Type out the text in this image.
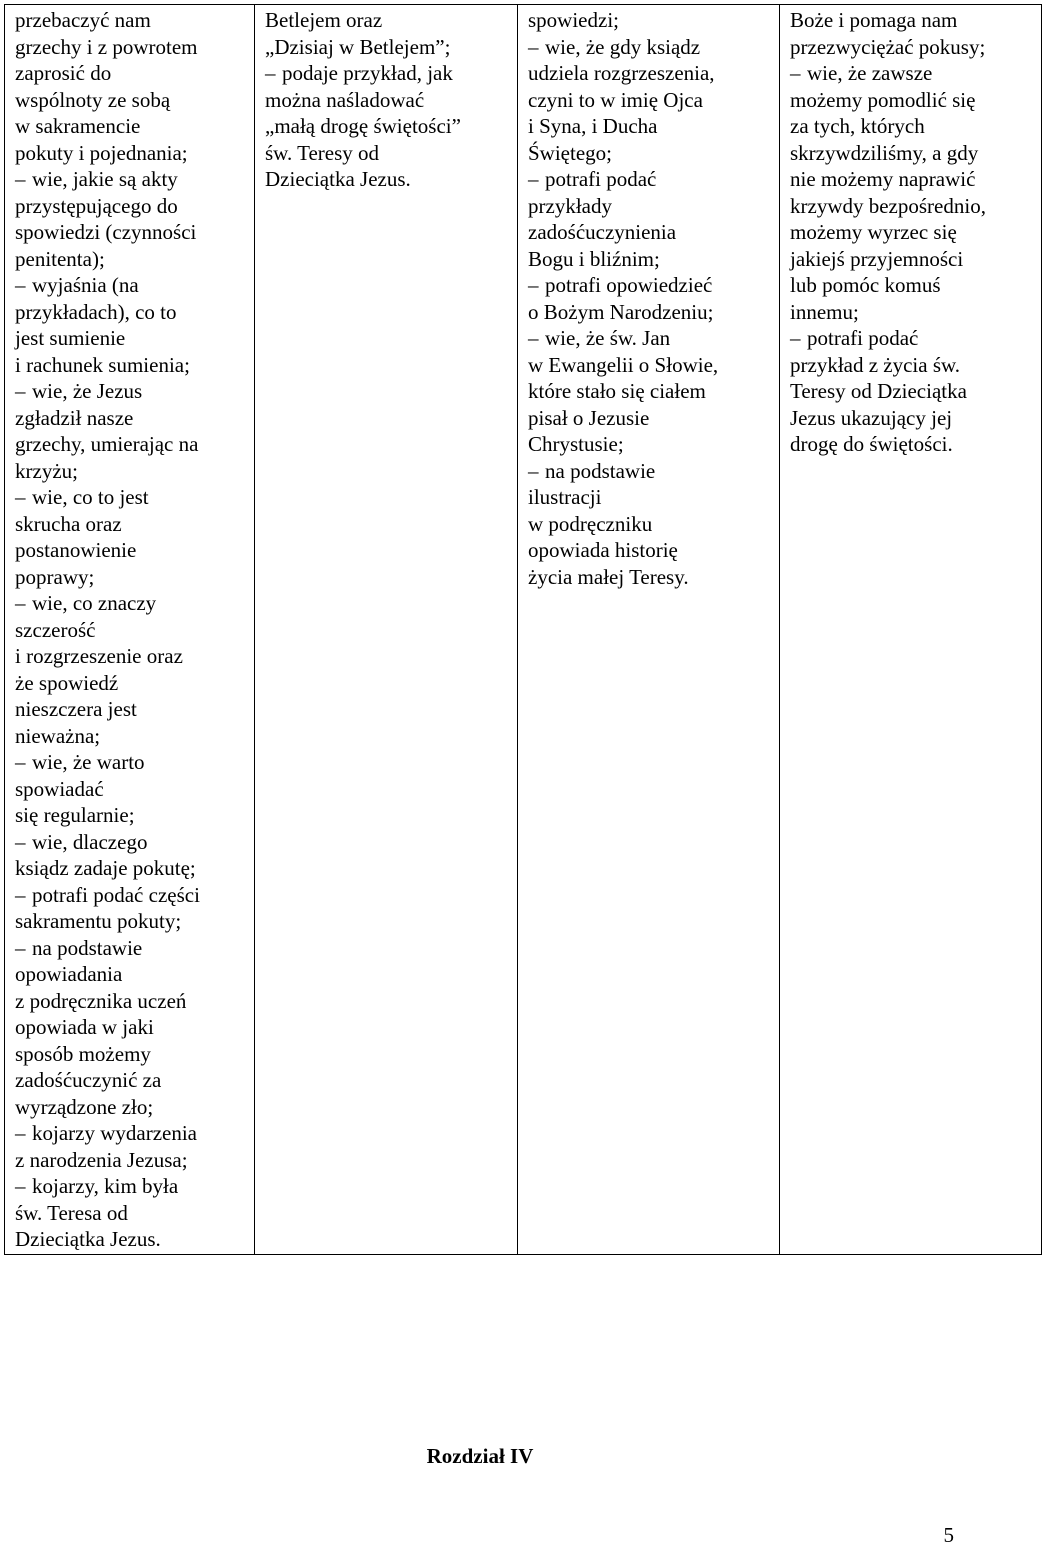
przebaczyć nam
grzechy i z powrotem
zaprosić do
wspólnoty ze sobą
w sakramencie
pokuty i pojednania;
– wie, jakie są akty
przystępującego do
spowiedzi (czynności
penitenta);
– wyjaśnia (na
przykładach), co to
jest sumienie
i rachunek sumienia;
– wie, że Jezus
zgładził nasze
grzechy, umierając na
krzyżu;
– wie, co to jest
skrucha oraz
postanowienie
poprawy;
– wie, co znaczy
szczerość
i rozgrzeszenie oraz
że spowiedź
nieszczera jest
nieważna;
– wie, że warto
spowiadać
się regularnie;
– wie, dlaczego
ksiądz zadaje pokutę;
– potrafi podać części
sakramentu pokuty;
– na podstawie
opowiadania
z podręcznika uczeń
opowiada w jaki
sposób możemy
zadośćuczynić za
wyrządzone zło;
– kojarzy wydarzenia
z narodzenia Jezusa;
– kojarzy, kim była
św. Teresa od
Dzieciątka Jezus.

Betlejem oraz
„Dzisiaj w Betlejem”;
– podaje przykład, jak
można naśladować
„małą drogę świętości”
św. Teresy od
Dzieciątka Jezus.

spowiedzi;
– wie, że gdy ksiądz
udziela rozgrzeszenia,
czyni to w imię Ojca
i Syna, i Ducha
Świętego;
– potrafi podać
przykłady
zadośćuczynienia
Bogu i bliźnim;
– potrafi opowiedzieć
o Bożym Narodzeniu;
– wie, że św. Jan
w Ewangelii o Słowie,
które stało się ciałem
pisał o Jezusie
Chrystusie;
– na podstawie
ilustracji
w podręczniku
opowiada historię
życia małej Teresy.

Boże i pomaga nam
przezwyciężać pokusy;
– wie, że zawsze
możemy pomodlić się
za tych, których
skrzywdziliśmy, a gdy
nie możemy naprawić
krzywdy bezpośrednio,
możemy wyrzec się
jakiejś przyjemności
lub pomóc komuś
innemu;
– potrafi podać
przykład z życia św.
Teresy od Dzieciątka
Jezus ukazujący jej
drogę do świętości.
Rozdział IV
5
